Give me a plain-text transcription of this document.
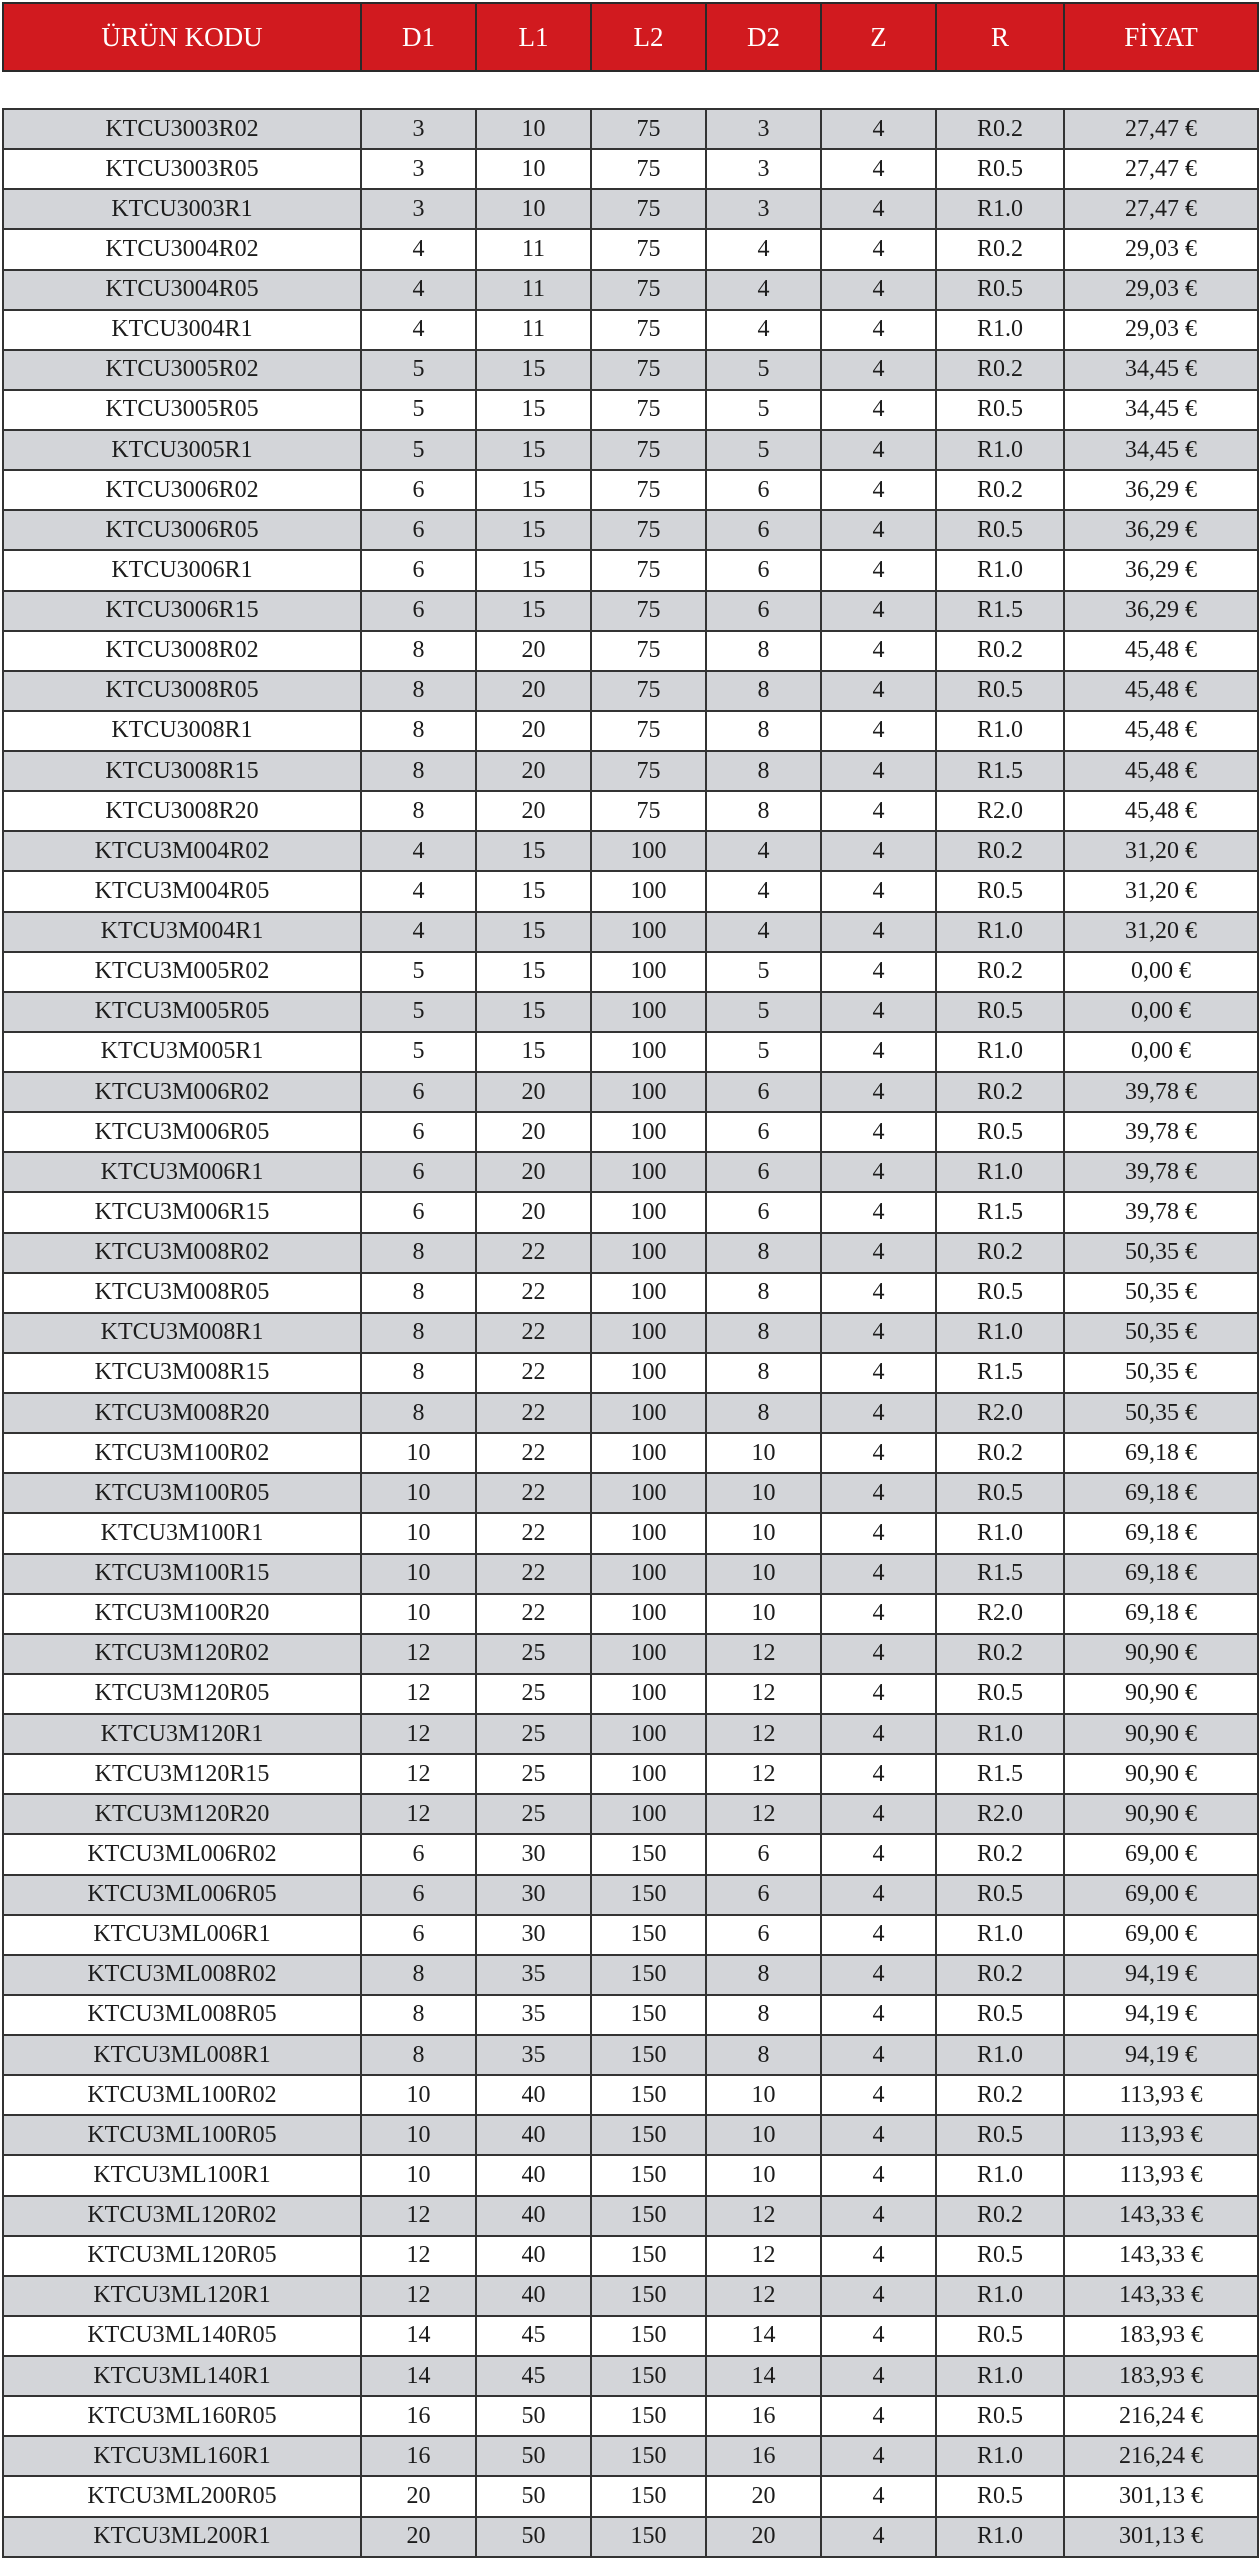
ÜRÜN KODU	D1	L1	L2	D2	Z	R	FİYAT
KTCU3003R02	3	10	75	3	4	R0.2	27,47 €
KTCU3003R05	3	10	75	3	4	R0.5	27,47 €
KTCU3003R1	3	10	75	3	4	R1.0	27,47 €
KTCU3004R02	4	11	75	4	4	R0.2	29,03 €
KTCU3004R05	4	11	75	4	4	R0.5	29,03 €
KTCU3004R1	4	11	75	4	4	R1.0	29,03 €
KTCU3005R02	5	15	75	5	4	R0.2	34,45 €
KTCU3005R05	5	15	75	5	4	R0.5	34,45 €
KTCU3005R1	5	15	75	5	4	R1.0	34,45 €
KTCU3006R02	6	15	75	6	4	R0.2	36,29 €
KTCU3006R05	6	15	75	6	4	R0.5	36,29 €
KTCU3006R1	6	15	75	6	4	R1.0	36,29 €
KTCU3006R15	6	15	75	6	4	R1.5	36,29 €
KTCU3008R02	8	20	75	8	4	R0.2	45,48 €
KTCU3008R05	8	20	75	8	4	R0.5	45,48 €
KTCU3008R1	8	20	75	8	4	R1.0	45,48 €
KTCU3008R15	8	20	75	8	4	R1.5	45,48 €
KTCU3008R20	8	20	75	8	4	R2.0	45,48 €
KTCU3M004R02	4	15	100	4	4	R0.2	31,20 €
KTCU3M004R05	4	15	100	4	4	R0.5	31,20 €
KTCU3M004R1	4	15	100	4	4	R1.0	31,20 €
KTCU3M005R02	5	15	100	5	4	R0.2	0,00 €
KTCU3M005R05	5	15	100	5	4	R0.5	0,00 €
KTCU3M005R1	5	15	100	5	4	R1.0	0,00 €
KTCU3M006R02	6	20	100	6	4	R0.2	39,78 €
KTCU3M006R05	6	20	100	6	4	R0.5	39,78 €
KTCU3M006R1	6	20	100	6	4	R1.0	39,78 €
KTCU3M006R15	6	20	100	6	4	R1.5	39,78 €
KTCU3M008R02	8	22	100	8	4	R0.2	50,35 €
KTCU3M008R05	8	22	100	8	4	R0.5	50,35 €
KTCU3M008R1	8	22	100	8	4	R1.0	50,35 €
KTCU3M008R15	8	22	100	8	4	R1.5	50,35 €
KTCU3M008R20	8	22	100	8	4	R2.0	50,35 €
KTCU3M100R02	10	22	100	10	4	R0.2	69,18 €
KTCU3M100R05	10	22	100	10	4	R0.5	69,18 €
KTCU3M100R1	10	22	100	10	4	R1.0	69,18 €
KTCU3M100R15	10	22	100	10	4	R1.5	69,18 €
KTCU3M100R20	10	22	100	10	4	R2.0	69,18 €
KTCU3M120R02	12	25	100	12	4	R0.2	90,90 €
KTCU3M120R05	12	25	100	12	4	R0.5	90,90 €
KTCU3M120R1	12	25	100	12	4	R1.0	90,90 €
KTCU3M120R15	12	25	100	12	4	R1.5	90,90 €
KTCU3M120R20	12	25	100	12	4	R2.0	90,90 €
KTCU3ML006R02	6	30	150	6	4	R0.2	69,00 €
KTCU3ML006R05	6	30	150	6	4	R0.5	69,00 €
KTCU3ML006R1	6	30	150	6	4	R1.0	69,00 €
KTCU3ML008R02	8	35	150	8	4	R0.2	94,19 €
KTCU3ML008R05	8	35	150	8	4	R0.5	94,19 €
KTCU3ML008R1	8	35	150	8	4	R1.0	94,19 €
KTCU3ML100R02	10	40	150	10	4	R0.2	113,93 €
KTCU3ML100R05	10	40	150	10	4	R0.5	113,93 €
KTCU3ML100R1	10	40	150	10	4	R1.0	113,93 €
KTCU3ML120R02	12	40	150	12	4	R0.2	143,33 €
KTCU3ML120R05	12	40	150	12	4	R0.5	143,33 €
KTCU3ML120R1	12	40	150	12	4	R1.0	143,33 €
KTCU3ML140R05	14	45	150	14	4	R0.5	183,93 €
KTCU3ML140R1	14	45	150	14	4	R1.0	183,93 €
KTCU3ML160R05	16	50	150	16	4	R0.5	216,24 €
KTCU3ML160R1	16	50	150	16	4	R1.0	216,24 €
KTCU3ML200R05	20	50	150	20	4	R0.5	301,13 €
KTCU3ML200R1	20	50	150	20	4	R1.0	301,13 €
